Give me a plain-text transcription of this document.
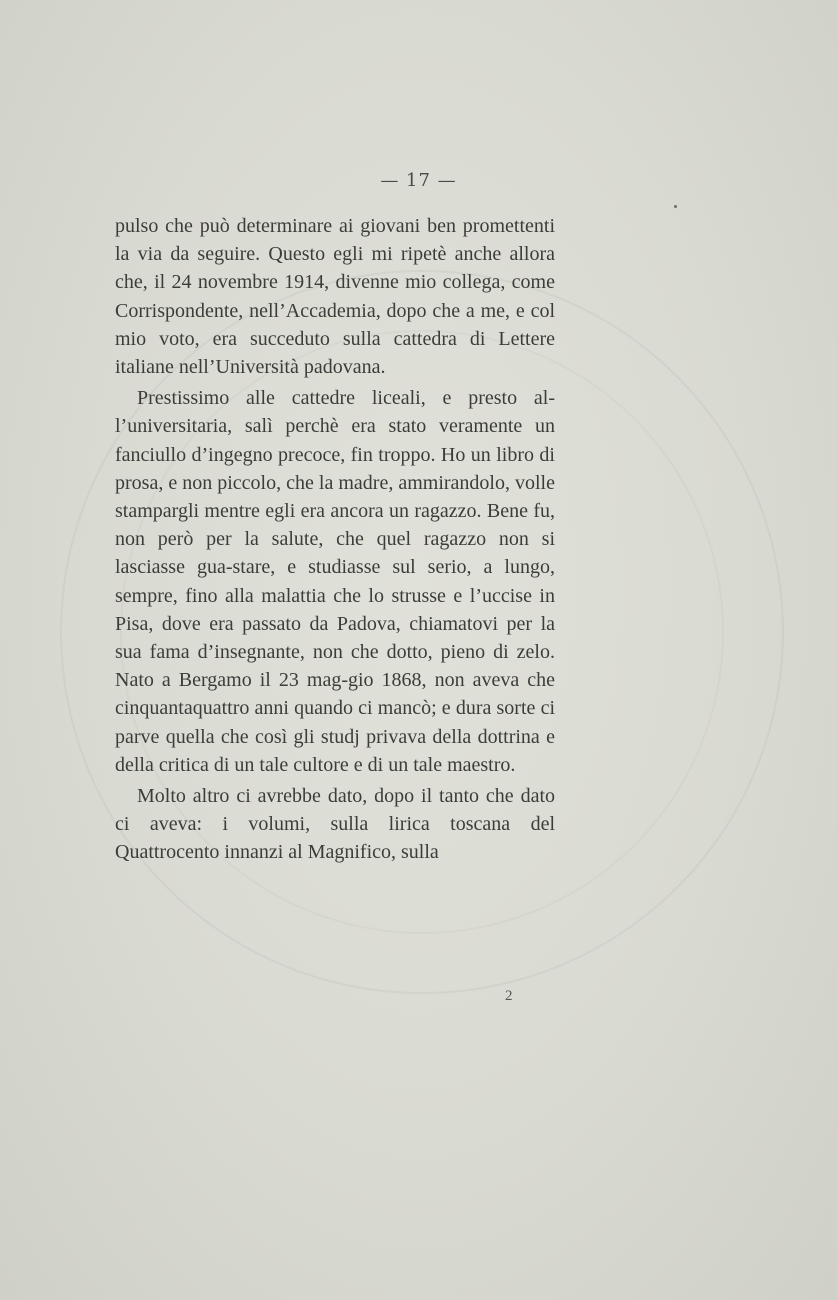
— 17 —

pulso che può determinare ai giovani ben promettenti la via da seguire. Questo egli mi ripetè anche allora che, il 24 novembre 1914, divenne mio collega, come Corrispondente, nell’Accademia, dopo che a me, e col mio voto, era succeduto sulla cattedra di Lettere italiane nell’Università padovana.

Prestissimo alle cattedre liceali, e presto al-l’universitaria, salì perchè era stato veramente un fanciullo d’ingegno precoce, fin troppo. Ho un libro di prosa, e non piccolo, che la madre, ammirandolo, volle stampargli mentre egli era ancora un ragazzo. Bene fu, non però per la salute, che quel ragazzo non si lasciasse gua-stare, e studiasse sul serio, a lungo, sempre, fino alla malattia che lo strusse e l’uccise in Pisa, dove era passato da Padova, chiamatovi per la sua fama d’insegnante, non che dotto, pieno di zelo. Nato a Bergamo il 23 mag-gio 1868, non aveva che cinquantaquattro anni quando ci mancò; e dura sorte ci parve quella che così gli studj privava della dottrina e della critica di un tale cultore e di un tale maestro.

Molto altro ci avrebbe dato, dopo il tanto che dato ci aveva: i volumi, sulla lirica toscana del Quattrocento innanzi al Magnifico, sulla

2
